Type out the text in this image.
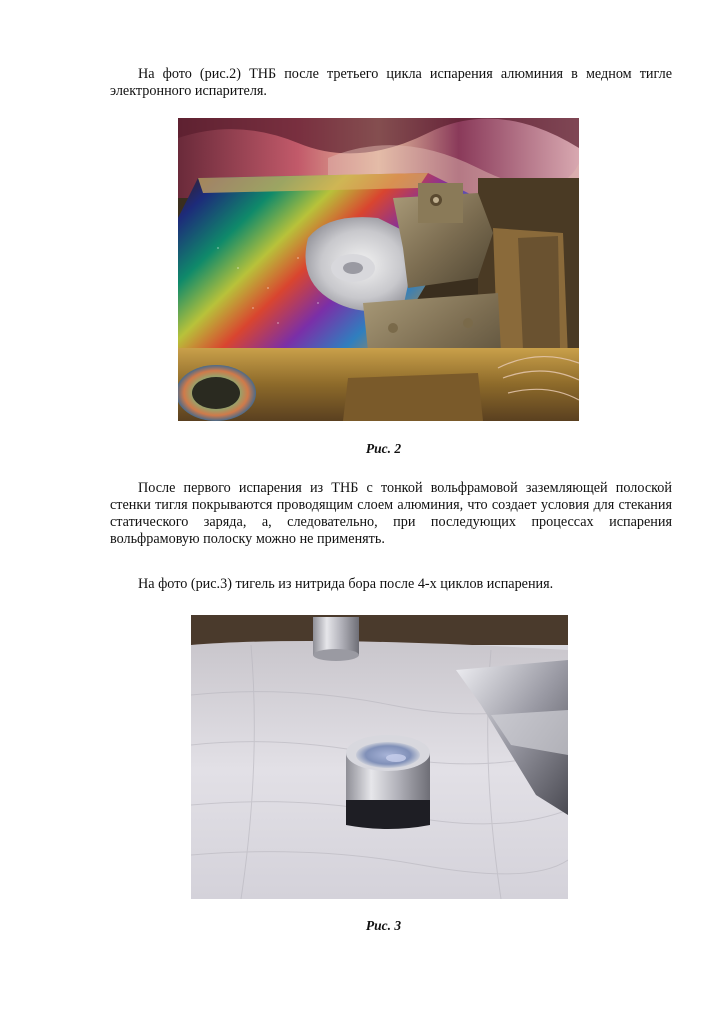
На фото (рис.2) ТНБ после третьего цикла испарения алюминия в медном тигле электронного испарителя.

Рис. 2

После первого испарения из ТНБ с тонкой вольфрамовой заземляющей полоской стенки тигля покрываются проводящим слоем алюминия, что создает условия для стекания статического заряда, а, следовательно, при последующих процессах испарения вольфрамовую полоску можно не применять.

На фото (рис.3) тигель из нитрида бора после 4-х циклов испарения.

Рис. 3
